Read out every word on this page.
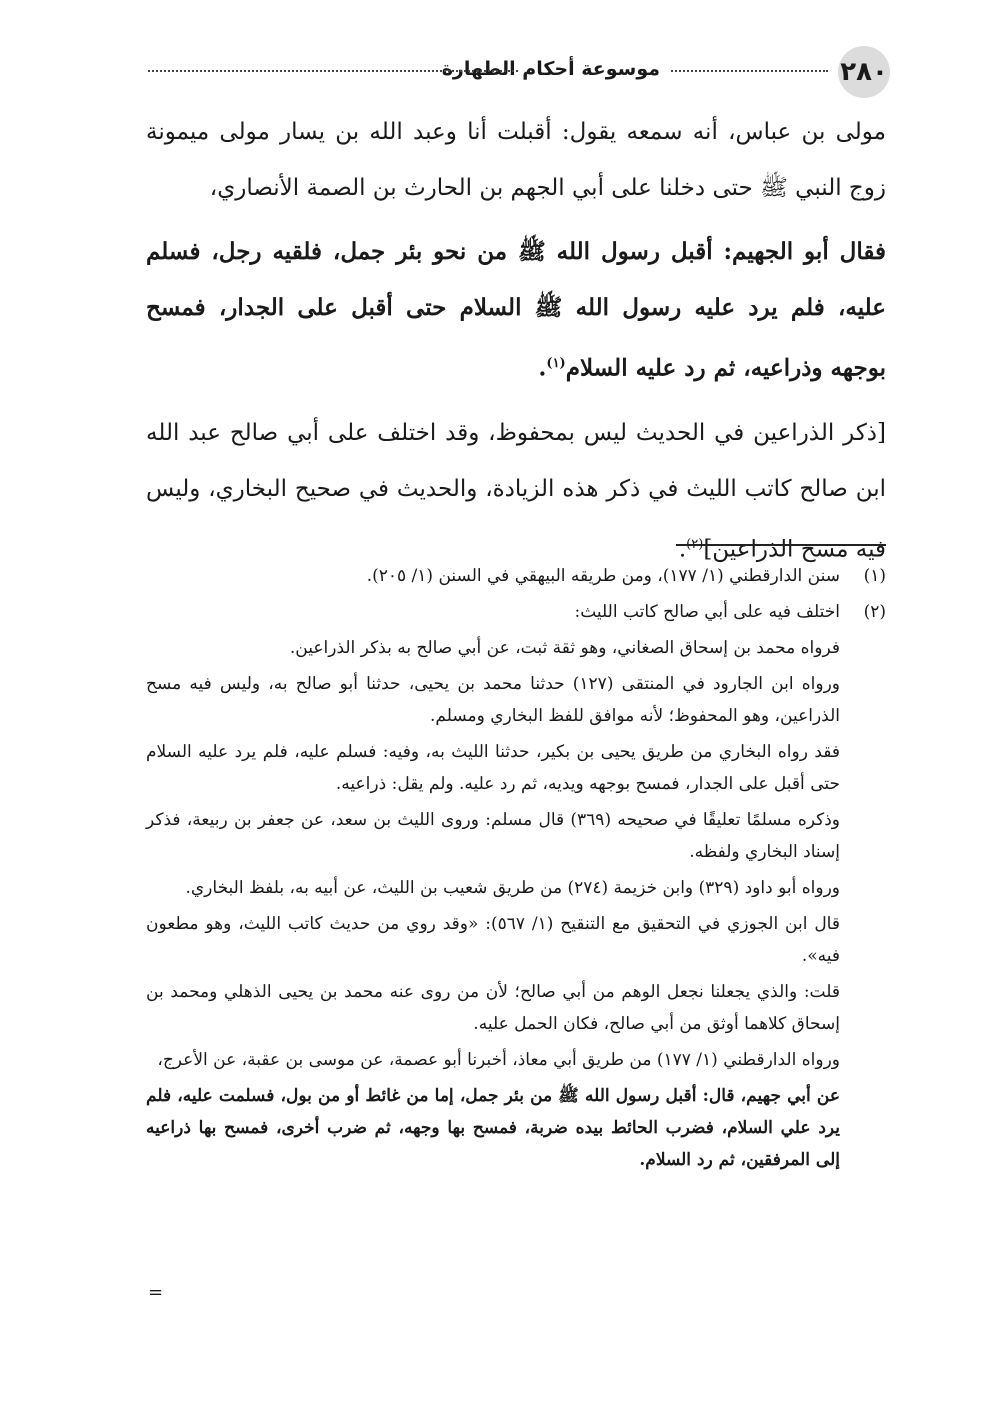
٢٨٠
موسوعة أحكام الطهارة

مولى بن عباس، أنه سمعه يقول: أقبلت أنا وعبد الله بن يسار مولى ميمونة زوج النبي ﷺ حتى دخلنا على أبي الجهم بن الحارث بن الصمة الأنصاري،

فقال أبو الجهيم: أقبل رسول الله ﷺ من نحو بئر جمل، فلقيه رجل، فسلم عليه، فلم يرد عليه رسول الله ﷺ السلام حتى أقبل على الجدار، فمسح بوجهه وذراعيه، ثم رد عليه السلام$^{(١)}$.

[ذكر الذراعين في الحديث ليس بمحفوظ، وقد اختلف على أبي صالح عبد الله ابن صالح كاتب الليث في ذكر هذه الزيادة، والحديث في صحيح البخاري، وليس فيه مسح الذراعين]$^{(٢)}$.

(١)

سنن الدارقطني (١/ ١٧٧)، ومن طريقه البيهقي في السنن (١/ ٢٠٥).

(٢)

اختلف فيه على أبي صالح كاتب الليث:

فرواه محمد بن إسحاق الصغاني، وهو ثقة ثبت، عن أبي صالح به بذكر الذراعين.

ورواه ابن الجارود في المنتقى (١٢٧) حدثنا محمد بن يحيى، حدثنا أبو صالح به، وليس فيه مسح الذراعين، وهو المحفوظ؛ لأنه موافق للفظ البخاري ومسلم.

فقد رواه البخاري من طريق يحيى بن بكير، حدثنا الليث به، وفيه: فسلم عليه، فلم يرد عليه السلام حتى أقبل على الجدار، فمسح بوجهه ويديه، ثم رد عليه. ولم يقل: ذراعيه.

وذكره مسلمًا تعليقًا في صحيحه (٣٦٩) قال مسلم: وروى الليث بن سعد، عن جعفر بن ربيعة، فذكر إسناد البخاري ولفظه.

ورواه أبو داود (٣٢٩) وابن خزيمة (٢٧٤) من طريق شعيب بن الليث، عن أبيه به، بلفظ البخاري.

قال ابن الجوزي في التحقيق مع التنقيح (١/ ٥٦٧): «وقد روي من حديث كاتب الليث، وهو مطعون فيه».

قلت: والذي يجعلنا نجعل الوهم من أبي صالح؛ لأن من روى عنه محمد بن يحيى الذهلي ومحمد بن إسحاق كلاهما أوثق من أبي صالح، فكان الحمل عليه.

ورواه الدارقطني (١/ ١٧٧) من طريق أبي معاذ، أخبرنا أبو عصمة، عن موسى بن عقبة، عن الأعرج،

عن أبي جهيم، قال: أقبل رسول الله ﷺ من بئر جمل، إما من غائط أو من بول، فسلمت عليه، فلم يرد علي السلام، فضرب الحائط بيده ضربة، فمسح بها وجهه، ثم ضرب أخرى، فمسح بها ذراعيه إلى المرفقين، ثم رد السلام.

=
